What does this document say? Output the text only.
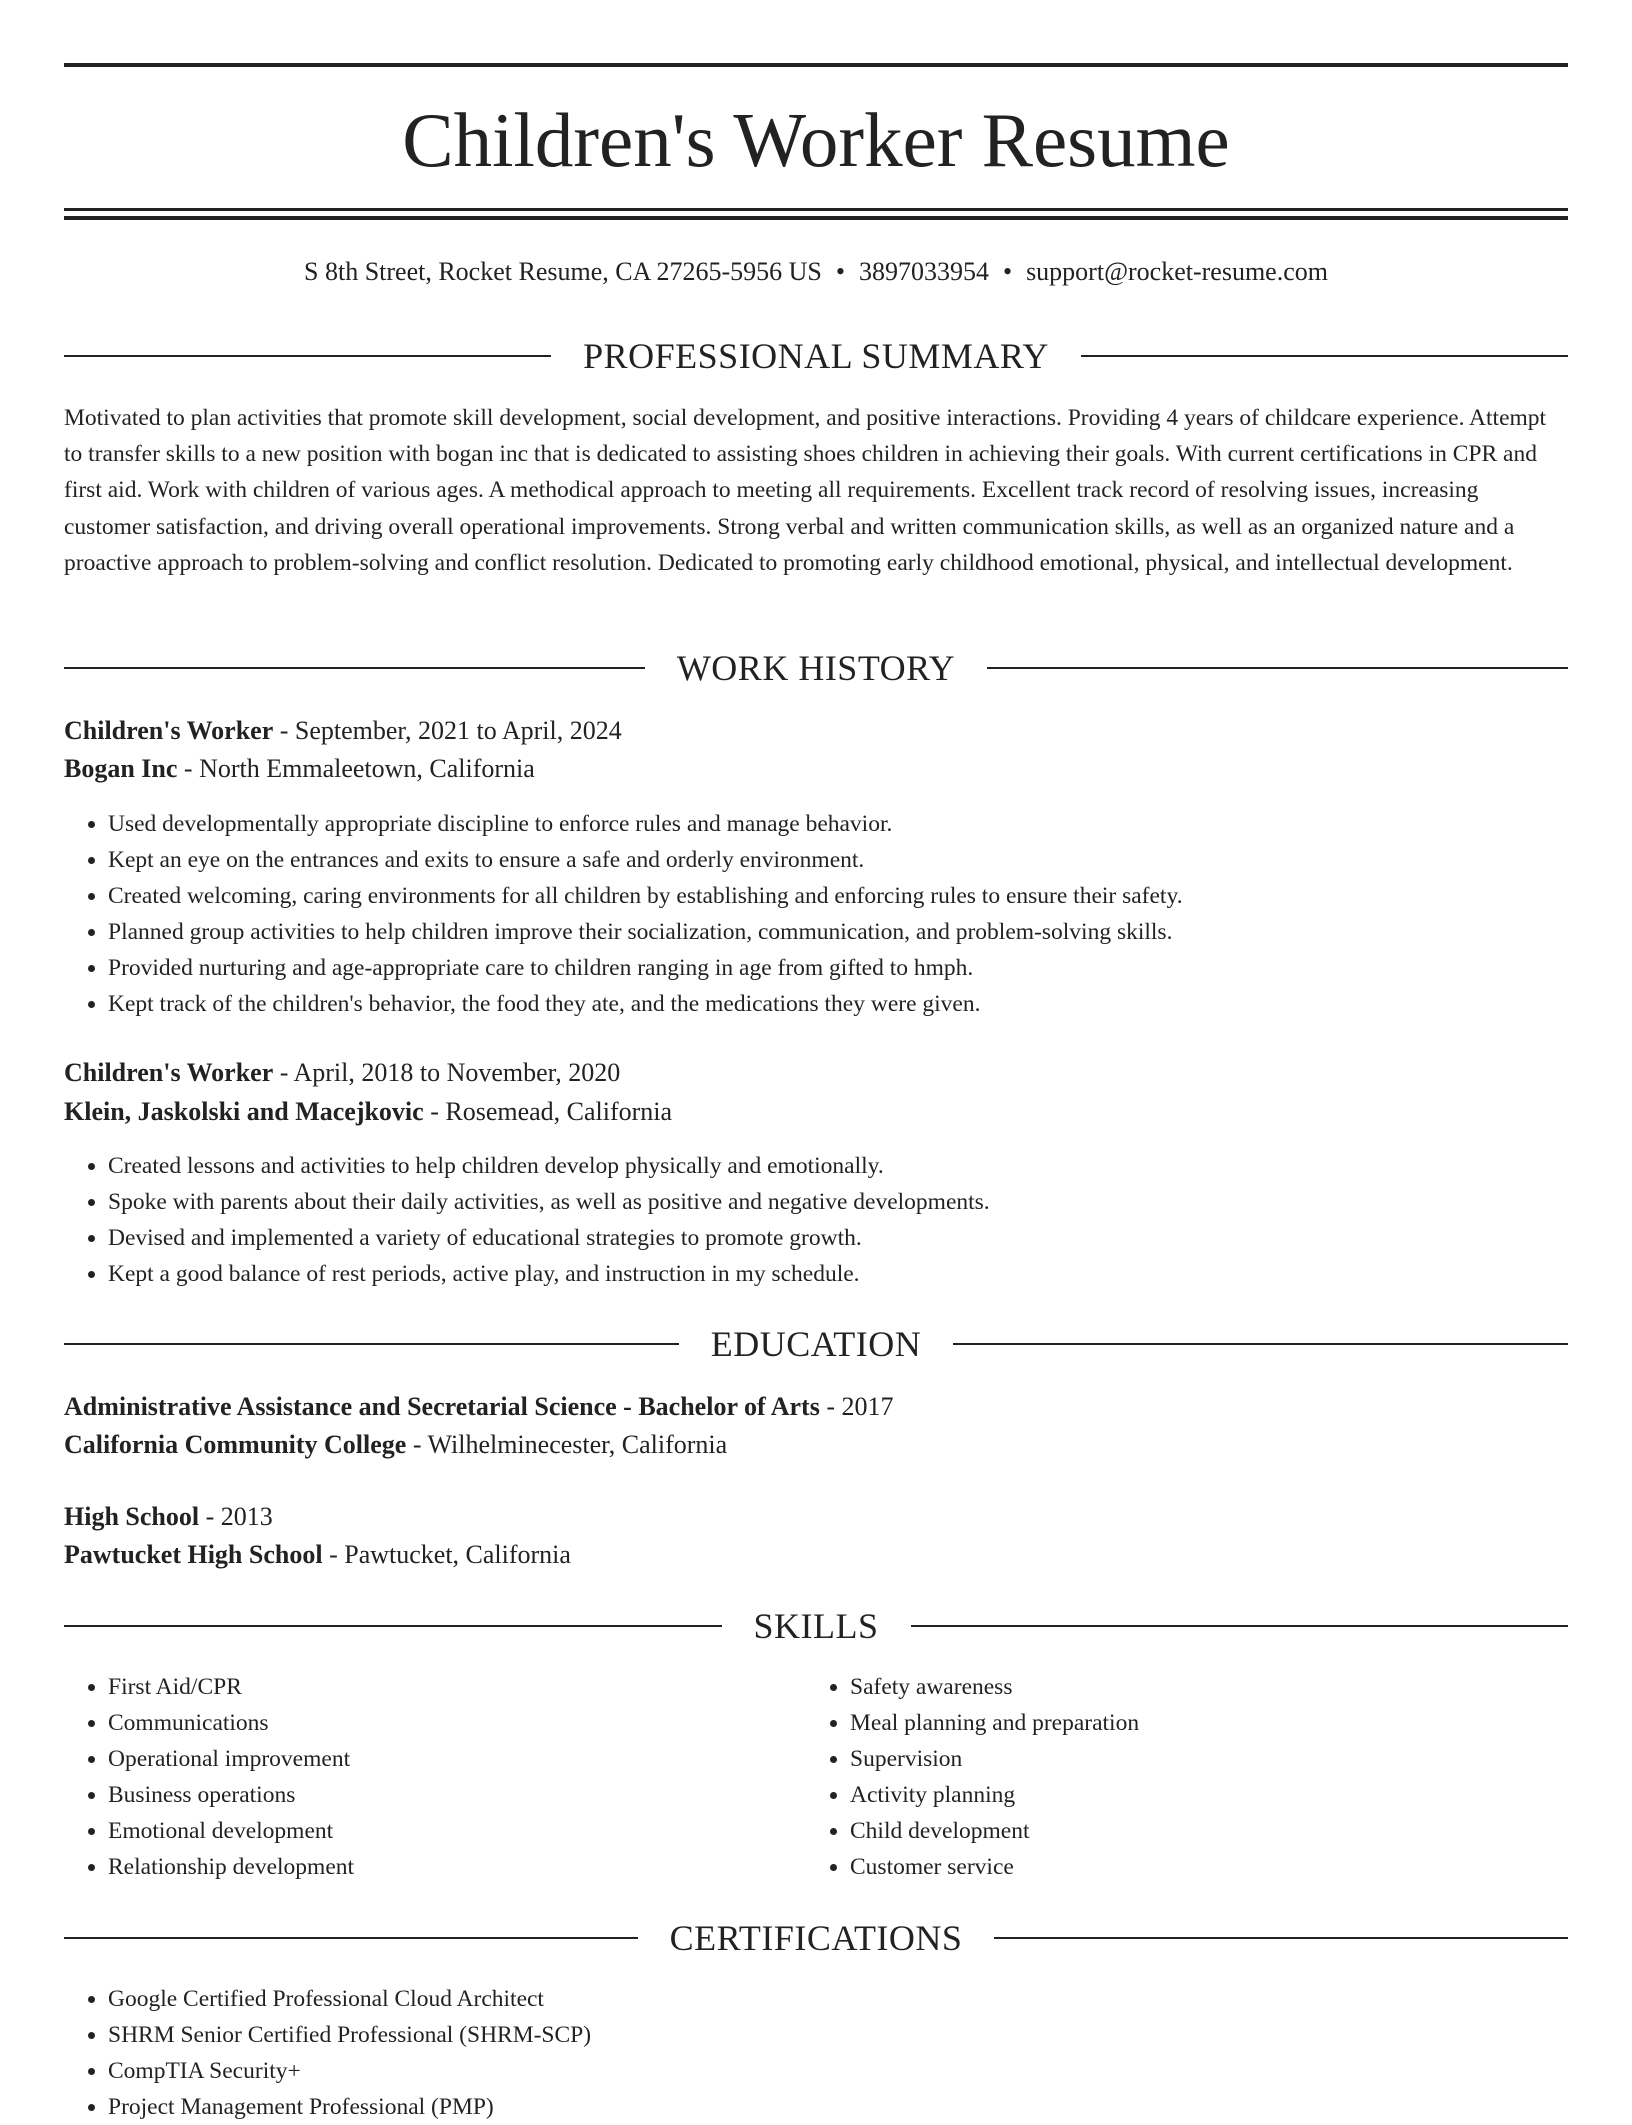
Children's Worker Resume
S 8th Street, Rocket Resume, CA 27265-5956 US • 3897033954 • support@rocket-resume.com
PROFESSIONAL SUMMARY

Motivated to plan activities that promote skill development, social development, and positive interactions. Providing 4 years of childcare experience. Attempt to transfer skills to a new position with bogan inc that is dedicated to assisting shoes children in achieving their goals. With current certifications in CPR and first aid. Work with children of various ages. A methodical approach to meeting all requirements. Excellent track record of resolving issues, increasing customer satisfaction, and driving overall operational improvements. Strong verbal and written communication skills, as well as an organized nature and a proactive approach to problem-solving and conflict resolution. Dedicated to promoting early childhood emotional, physical, and intellectual development.

WORK HISTORY
Children's Worker - September, 2021 to April, 2024
Bogan Inc - North Emmaleetown, California
• Used developmentally appropriate discipline to enforce rules and manage behavior.
• Kept an eye on the entrances and exits to ensure a safe and orderly environment.
• Created welcoming, caring environments for all children by establishing and enforcing rules to ensure their safety.
• Planned group activities to help children improve their socialization, communication, and problem-solving skills.
• Provided nurturing and age-appropriate care to children ranging in age from gifted to hmph.
• Kept track of the children's behavior, the food they ate, and the medications they were given.
Children's Worker - April, 2018 to November, 2020
Klein, Jaskolski and Macejkovic - Rosemead, California
• Created lessons and activities to help children develop physically and emotionally.
• Spoke with parents about their daily activities, as well as positive and negative developments.
• Devised and implemented a variety of educational strategies to promote growth.
• Kept a good balance of rest periods, active play, and instruction in my schedule.
EDUCATION
Administrative Assistance and Secretarial Science - Bachelor of Arts - 2017
California Community College - Wilhelminecester, California
High School - 2013
Pawtucket High School - Pawtucket, California
SKILLS
• First Aid/CPR
• Communications
• Operational improvement
• Business operations
• Emotional development
• Relationship development
• Safety awareness
• Meal planning and preparation
• Supervision
• Activity planning
• Child development
• Customer service
CERTIFICATIONS
• Google Certified Professional Cloud Architect
• SHRM Senior Certified Professional (SHRM-SCP)
• CompTIA Security+
• Project Management Professional (PMP)
